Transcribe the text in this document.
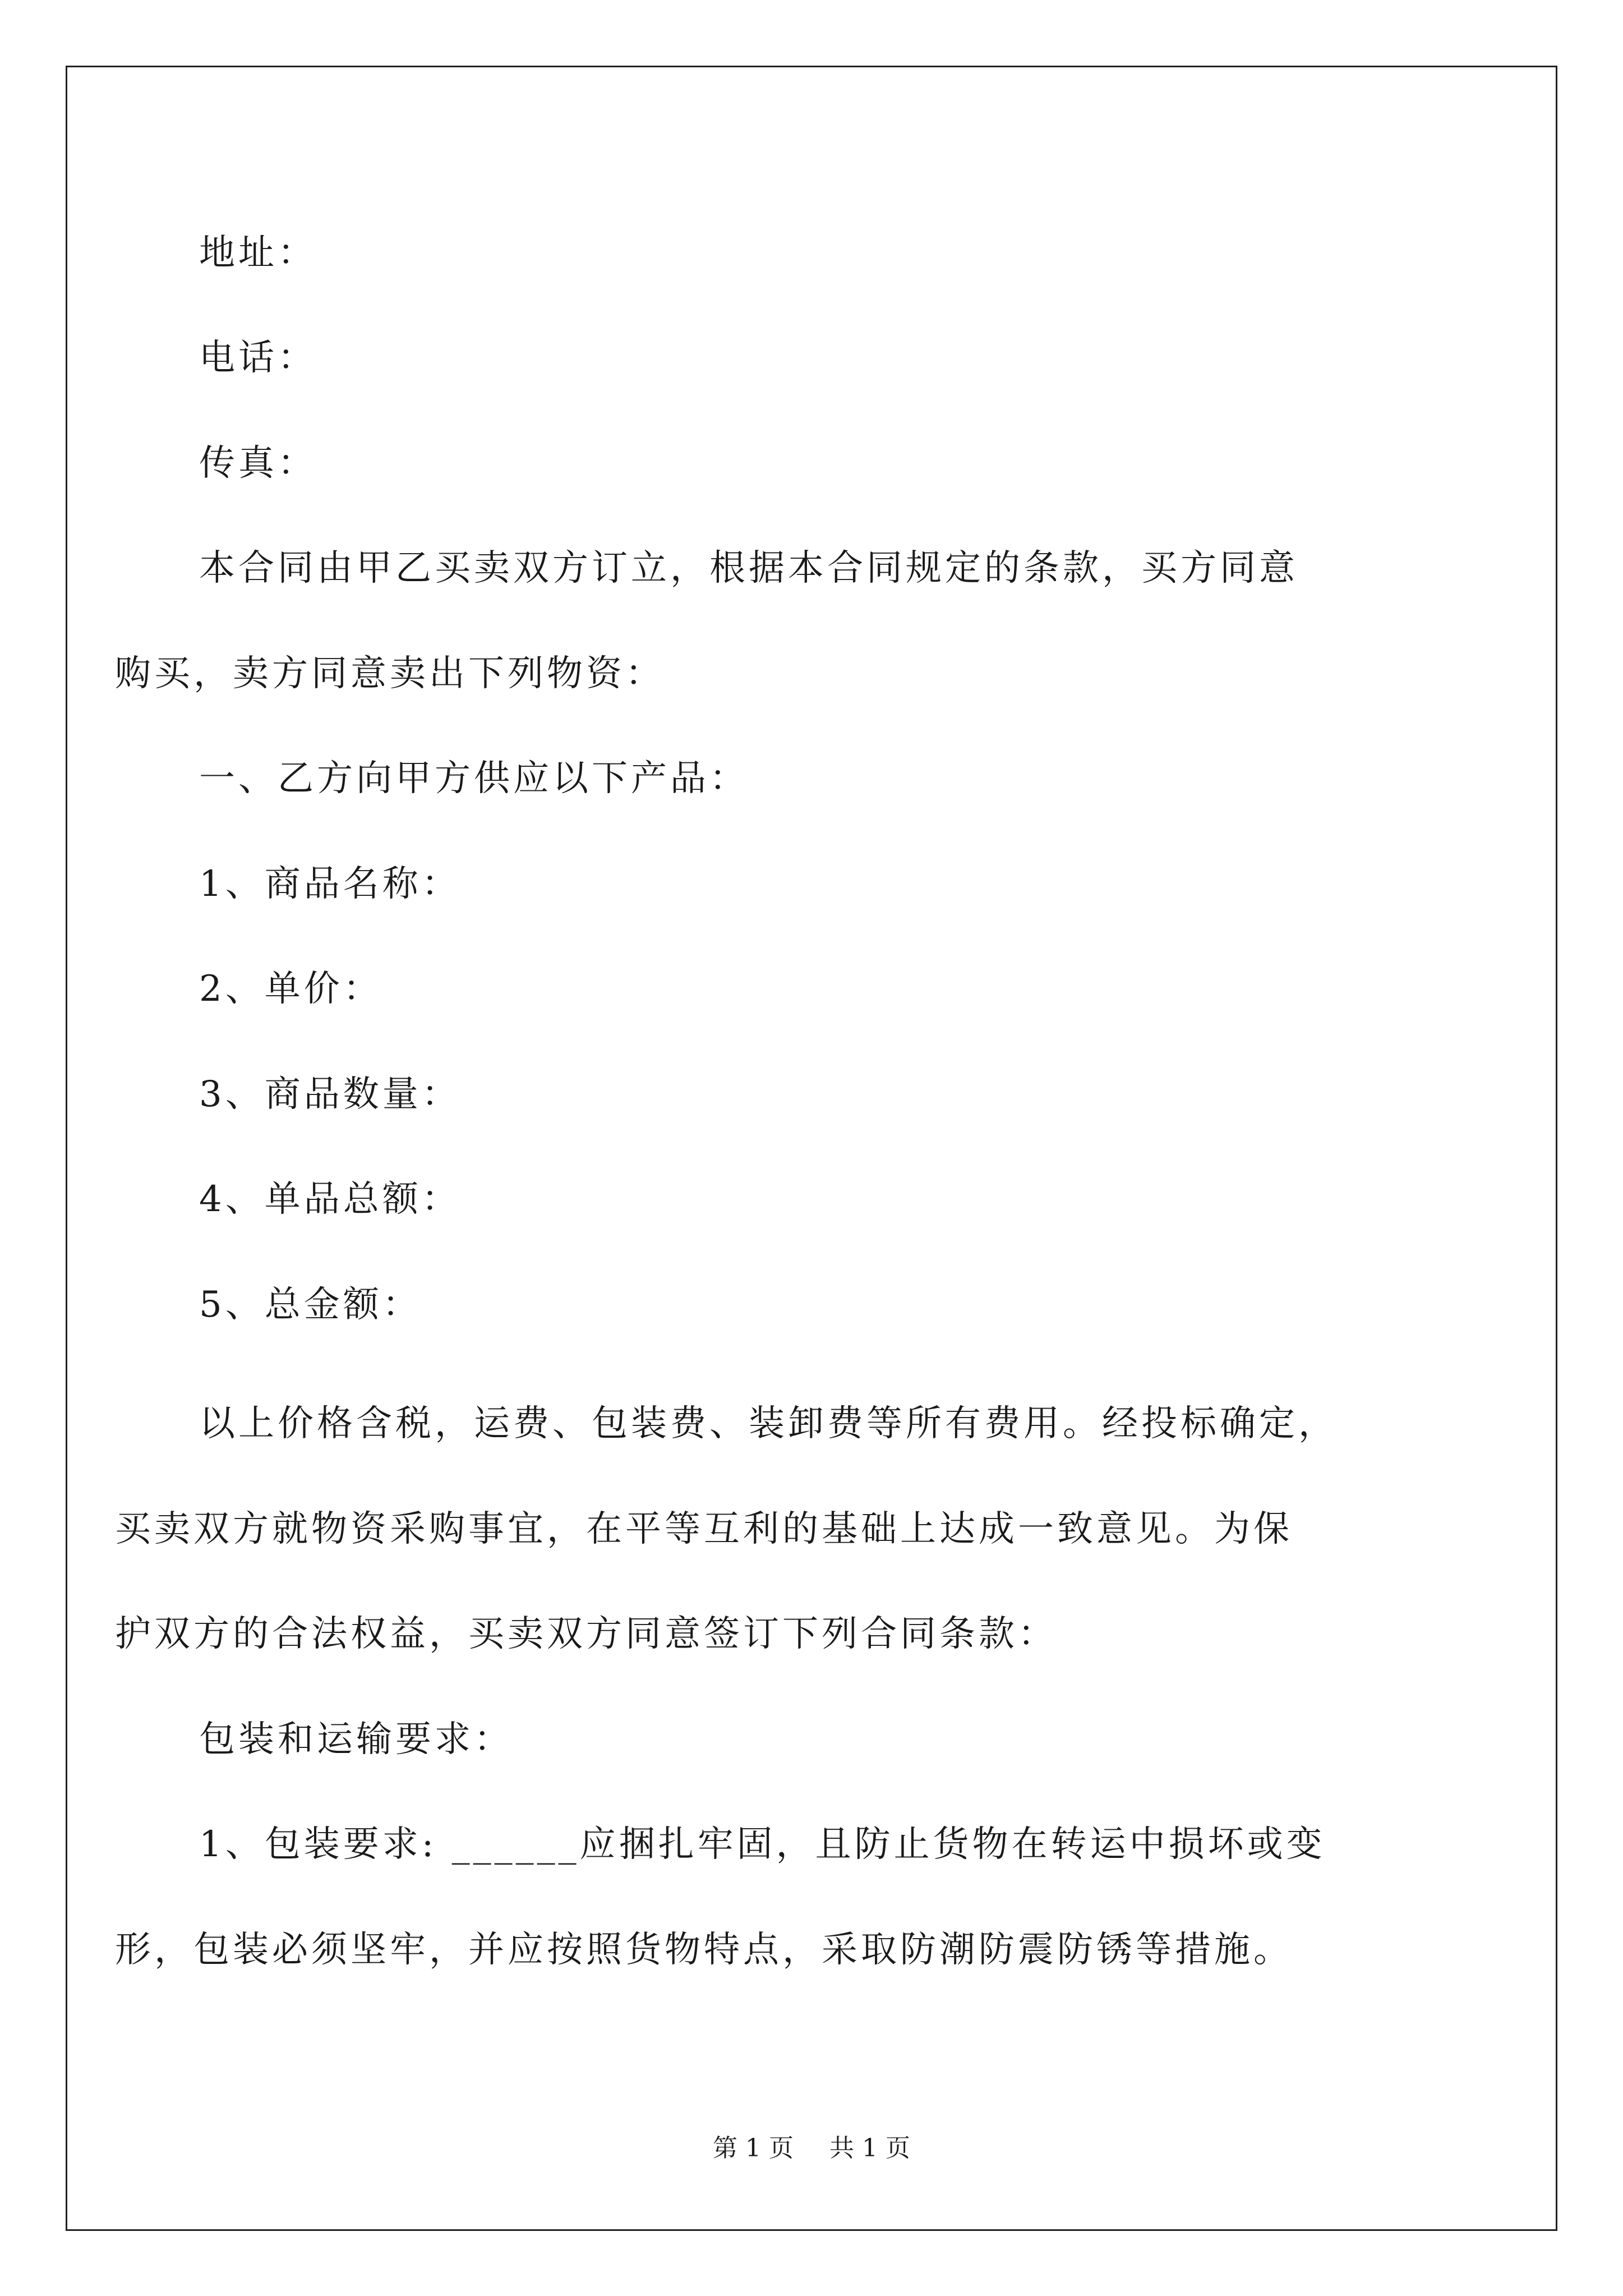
地址：

电话：

传真：

本合同由甲乙买卖双方订立，根据本合同规定的条款，买方同意

购买，卖方同意卖出下列物资：

一、乙方向甲方供应以下产品：

1、商品名称：

2、单价：

3、商品数量：

4、单品总额：

5、总金额：

以上价格含税，运费、包装费、装卸费等所有费用。经投标确定，

买卖双方就物资采购事宜，在平等互利的基础上达成一致意见。为保

护双方的合法权益，买卖双方同意签订下列合同条款：

包装和运输要求：

1、包装要求: ______应捆扎牢固，且防止货物在转运中损坏或变

形，包装必须坚牢，并应按照货物特点，采取防潮防震防锈等措施。

第 1 页 共 1 页
